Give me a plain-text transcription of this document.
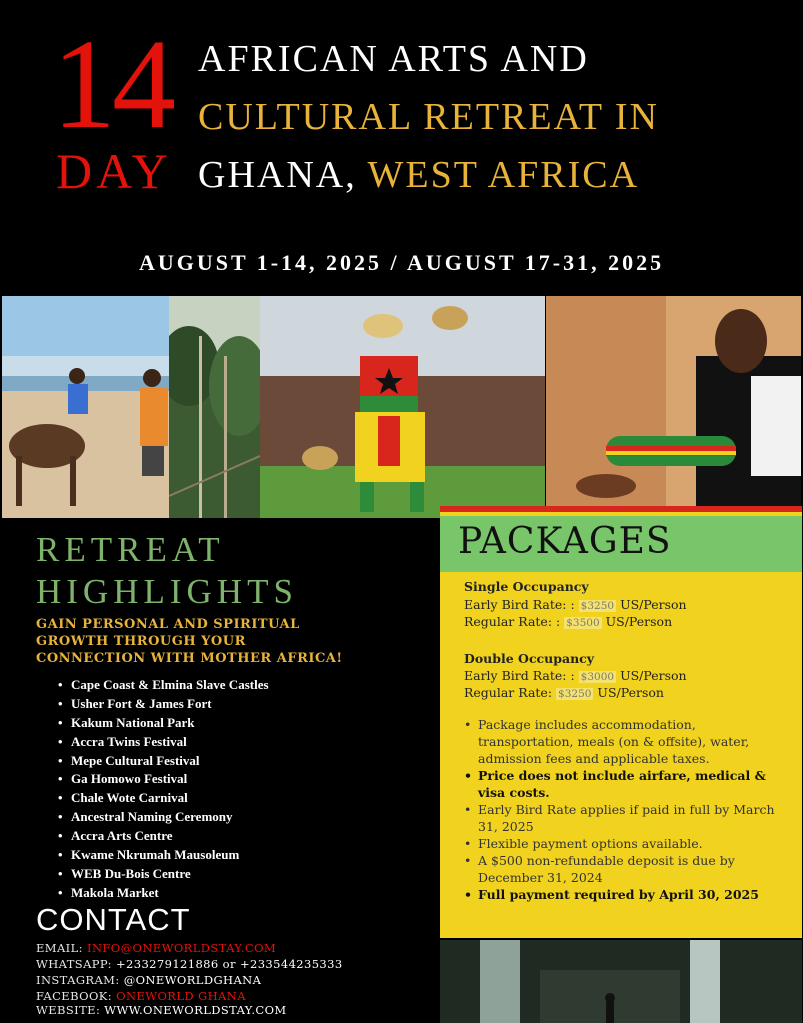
14
DAY
AFRICAN ARTS AND
CULTURAL RETREAT IN
GHANA, WEST AFRICA
AUGUST 1-14, 2025 / AUGUST 17-31, 2025
RETREAT
HIGHLIGHTS
GAIN PERSONAL AND SPIRITUAL GROWTH THROUGH YOUR CONNECTION WITH MOTHER AFRICA!
• Cape Coast & Elmina Slave Castles
• Usher Fort & James Fort
• Kakum National Park
• Accra Twins Festival
• Mepe Cultural Festival
• Ga Homowo Festival
• Chale Wote Carnival
• Ancestral Naming Ceremony
• Accra Arts Centre
• Kwame Nkrumah Mausoleum
• WEB Du-Bois Centre
• Makola Market
PACKAGES
Single Occupancy
Early Bird Rate: : $3250 US/Person
Regular Rate: : $3500 US/Person
Double Occupancy
Early Bird Rate: : $3000 US/Person
Regular Rate: $3250 US/Person
• Package includes accommodation, transportation, meals (on & offsite), water, admission fees and applicable taxes.
• Price does not include airfare, medical & visa costs.
• Early Bird Rate applies if paid in full by March 31, 2025
• Flexible payment options available.
• A $500 non-refundable deposit is due by December 31, 2024
• Full payment required by April 30, 2025
CONTACT
EMAIL: INFO@ONEWORLDSTAY.COM
WHATSAPP: +233279121886 or +233544235333
INSTAGRAM: @ONEWORLDGHANA
FACEBOOK: ONEWORLD GHANA
WEBSITE: WWW.ONEWORLDSTAY.COM
